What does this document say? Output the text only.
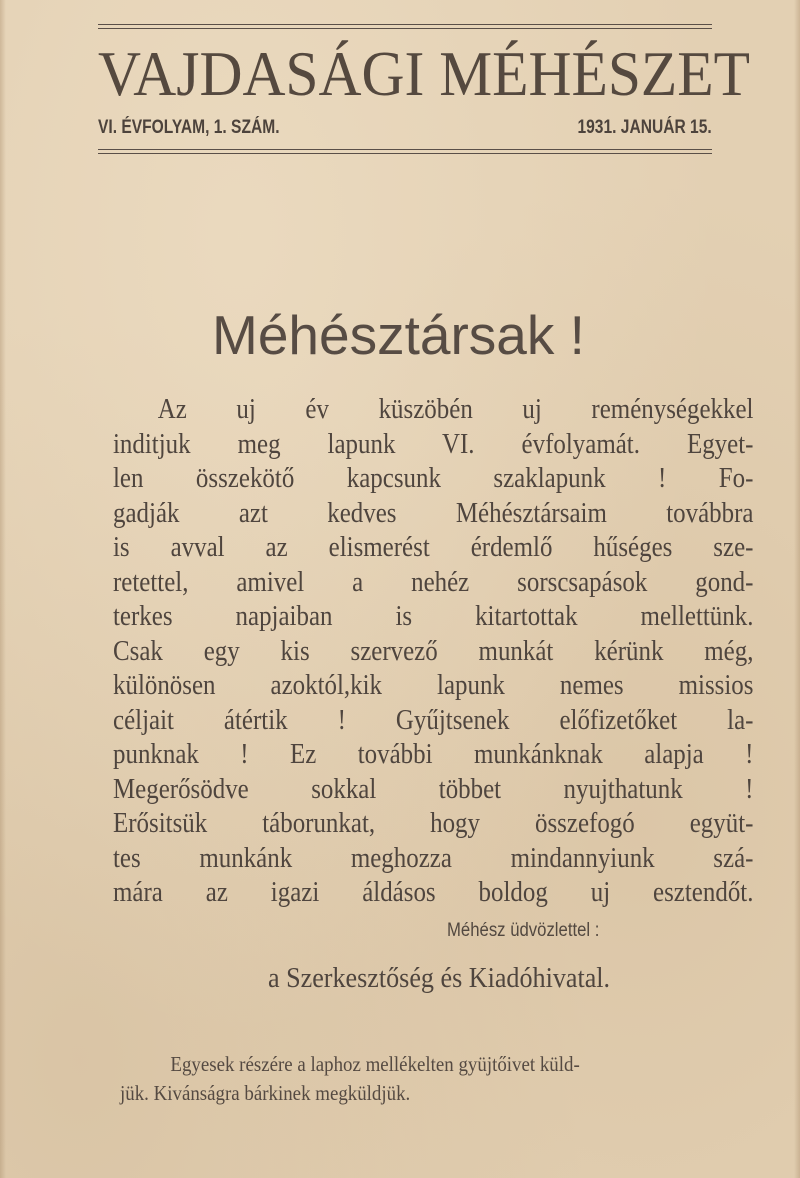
VAJDASÁGI MÉHÉSZET
VI. ÉVFOLYAM, 1. SZÁM.	1931. JANUÁR 15.
Méhésztársak !
Az uj év küszöbén uj reménységekkel
inditjuk meg lapunk VI. évfolyamát. Egyet-
len összekötő kapcsunk szaklapunk ! Fo-
gadják azt kedves Méhésztársaim továbbra
is avval az elismerést érdemlő hűséges sze-
retettel, amivel a nehéz sorscsapások gond-
terkes napjaiban is kitartottak mellettünk.
Csak egy kis szervező munkát kérünk még,
különösen azoktól,kik lapunk nemes missios
céljait átértik ! Gyűjtsenek előfizetőket la-
punknak ! Ez további munkánknak alapja !
Megerősödve sokkal többet nyujthatunk !
Erősitsük táborunkat, hogy összefogó együt-
tes munkánk meghozza mindannyiunk szá-
mára az igazi áldásos boldog uj esztendőt.
Méhész üdvözlettel :
a Szerkesztőség és Kiadóhivatal.
Egyesek részére a laphoz mellékelten gyüjtőivet küld-
jük. Kivánságra bárkinek megküldjük.
